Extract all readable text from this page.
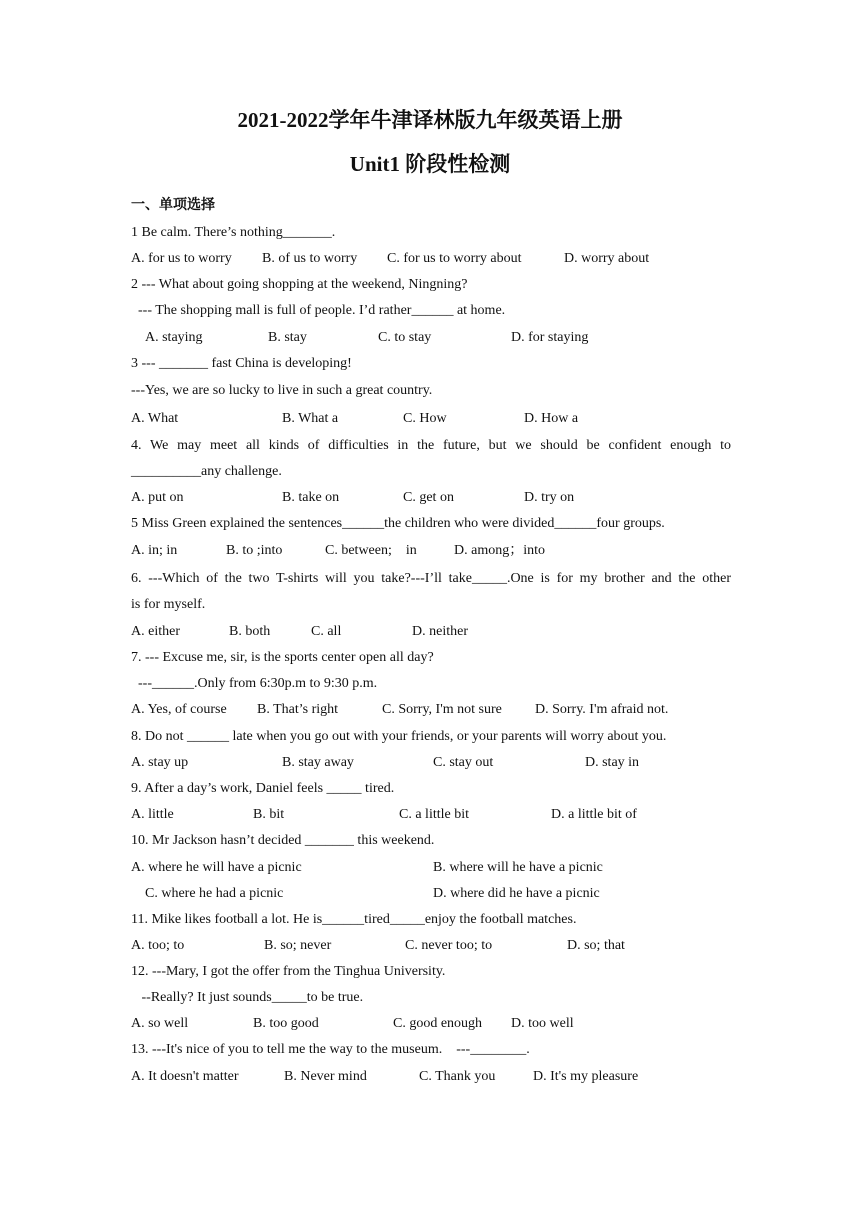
2021-2022学年牛津译林版九年级英语上册
Unit1 阶段性检测
一、单项选择
1 Be calm. There’s nothing_______.
A. for us to worry B. of us to worry C. for us to worry about	D. worry about
2 --- What about going shopping at the weekend, Ningning?
--- The shopping mall is full of people. I’d rather______ at home.
A. staying	B. stay	C. to stay	D. for staying
3 --- _______ fast China is developing!
---Yes, we are so lucky to live in such a great country.
A. What	B. What a	C. How	D. How a
4. We may meet all kinds of difficulties in the future, but we should be confident enough to
__________any challenge.
A. put on	B. take on	C. get on	D. try on
5 Miss Green explained the sentences______the children who were divided______four groups.
A. in; in	B. to ;into	C. between;    in	D. among；into
6. ---Which of the two T-shirts will you take?---I’ll take_____.One is for my brother and the other
is for myself.
A. either	B. both	C. all	D. neither
7. --- Excuse me, sir, is the sports center open all day?
---______.Only from 6:30p.m to 9:30 p.m.
A. Yes, of course B. That’s right	C. Sorry, I'm not sure D. Sorry. I'm afraid not.
8. Do not ______ late when you go out with your friends, or your parents will worry about you.
A. stay up	B. stay away	C. stay out	D. stay in
9. After a day’s work, Daniel feels _____ tired.
A. little	B. bit	C. a little bit	D. a little bit of
10. Mr Jackson hasn’t decided _______ this weekend.
A. where he will have a picnic	B. where will he have a picnic
C. where he had a picnic	D. where did he have a picnic
11. Mike likes football a lot. He is______tired_____enjoy the football matches.
A. too; to	B. so; never	C. never too; to	D. so; that
12. ---Mary, I got the offer from the Tinghua University.
--Really? It just sounds_____to be true.
A. so well	B. too good	C. good enough D. too well
13. ---It's nice of you to tell me the way to the museum.    ---________.
A. It doesn't matter	B. Never mind	C. Thank you	D. It's my pleasure
